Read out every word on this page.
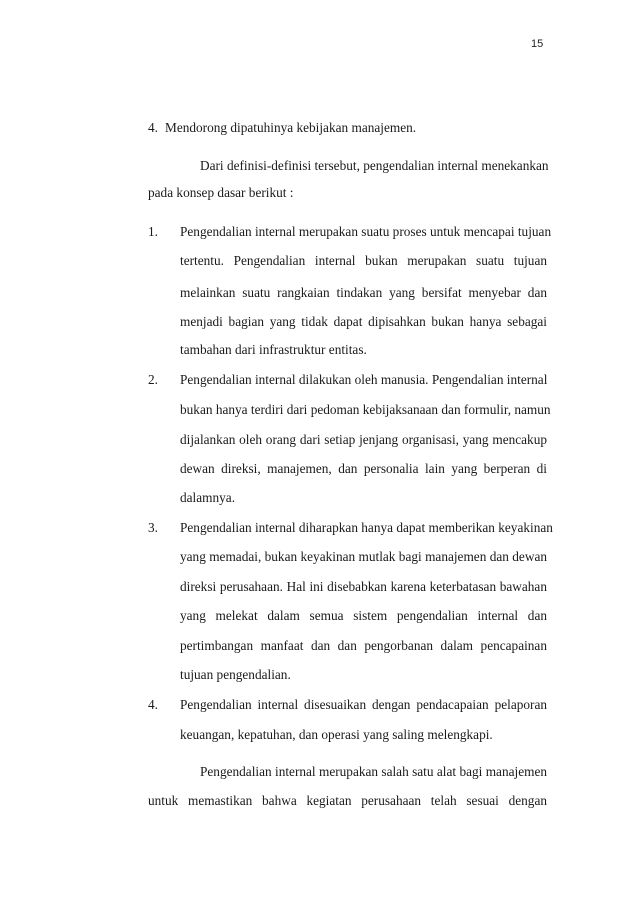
15
4. Mendorong dipatuhinya kebijakan manajemen.
Dari definisi-definisi tersebut, pengendalian internal menekankan
pada konsep dasar berikut :
1.	Pengendalian internal merupakan suatu proses untuk mencapai tujuan
tertentu. Pengendalian internal bukan merupakan suatu tujuan
melainkan suatu rangkaian tindakan yang bersifat menyebar dan
menjadi bagian yang tidak dapat dipisahkan bukan hanya sebagai
tambahan dari infrastruktur entitas.
2.	Pengendalian internal dilakukan oleh manusia. Pengendalian internal
bukan hanya terdiri dari pedoman kebijaksanaan dan formulir, namun
dijalankan oleh orang dari setiap jenjang organisasi, yang mencakup
dewan direksi, manajemen, dan personalia lain yang berperan di
dalamnya.
3.	Pengendalian internal diharapkan hanya dapat memberikan keyakinan
yang memadai, bukan keyakinan mutlak bagi manajemen dan dewan
direksi perusahaan. Hal ini disebabkan karena keterbatasan bawahan
yang melekat dalam semua sistem pengendalian internal dan
pertimbangan manfaat dan dan pengorbanan dalam pencapainan
tujuan pengendalian.
4.	Pengendalian internal disesuaikan dengan pendacapaian pelaporan
keuangan, kepatuhan, dan operasi yang saling melengkapi.
Pengendalian internal merupakan salah satu alat bagi manajemen
untuk memastikan bahwa kegiatan perusahaan telah sesuai dengan
